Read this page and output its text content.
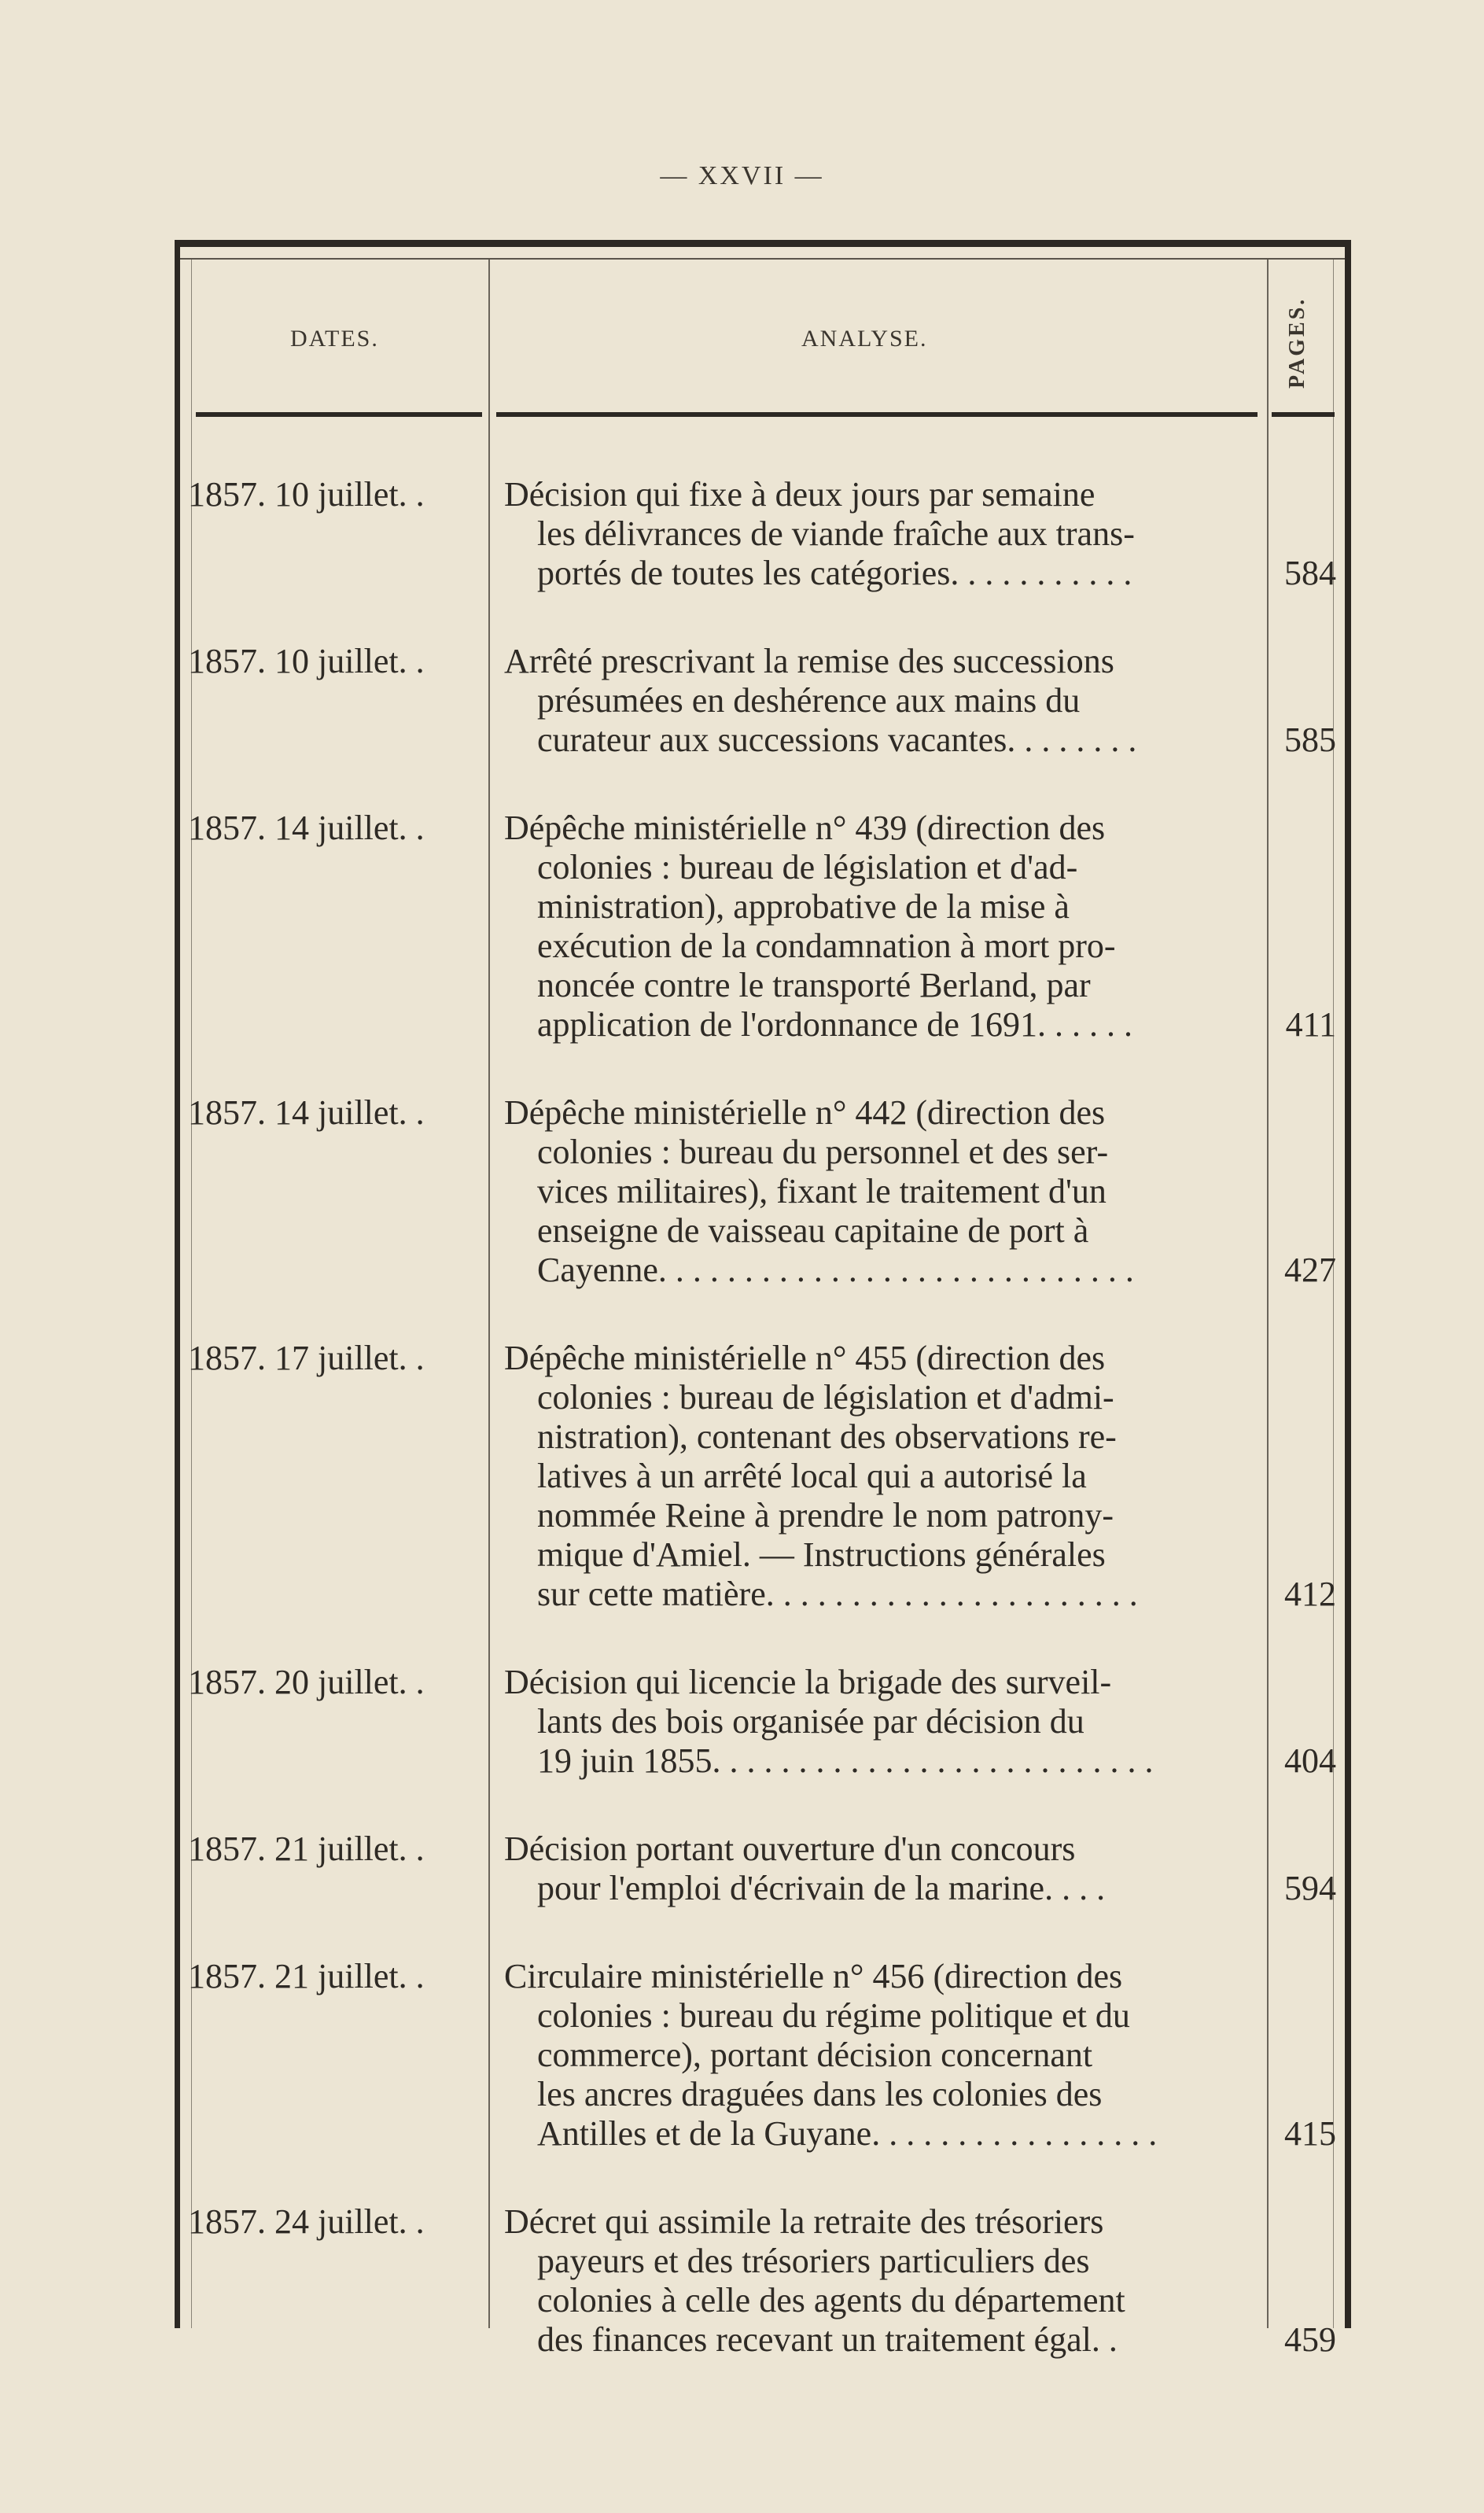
— XXVII —
DATES.	ANALYSE.	PAGES.
1857. 10 juillet. .	Décision qui fixe à deux jours par semaine
les délivrances de viande fraîche aux trans-
portés de toutes les catégories. . . . . . . . . . .	584
1857. 10 juillet. .	Arrêté prescrivant la remise des successions
présumées en deshérence aux mains du
curateur aux successions vacantes. . . . . . . .	585
1857. 14 juillet. .	Dépêche ministérielle n° 439 (direction des
colonies : bureau de législation et d'ad-
ministration), approbative de la mise à
exécution de la condamnation à mort pro-
noncée contre le transporté Berland, par
application de l'ordonnance de 1691. . . . . .	411
1857. 14 juillet. .	Dépêche ministérielle n° 442 (direction des
colonies : bureau du personnel et des ser-
vices militaires), fixant le traitement d'un
enseigne de vaisseau capitaine de port à
Cayenne. . . . . . . . . . . . . . . . . . . . . . . . . . . .	427
1857. 17 juillet. .	Dépêche ministérielle n° 455 (direction des
colonies : bureau de législation et d'admi-
nistration), contenant des observations re-
latives à un arrêté local qui a autorisé la
nommée Reine à prendre le nom patrony-
mique d'Amiel. — Instructions générales
sur cette matière. . . . . . . . . . . . . . . . . . . . . .	412
1857. 20 juillet. .	Décision qui licencie la brigade des surveil-
lants des bois organisée par décision du
19 juin 1855. . . . . . . . . . . . . . . . . . . . . . . . . .	404
1857. 21 juillet. .	Décision portant ouverture d'un concours
pour l'emploi d'écrivain de la marine. . . .	594
1857. 21 juillet. .	Circulaire ministérielle n° 456 (direction des
colonies : bureau du régime politique et du
commerce), portant décision concernant
les ancres draguées dans les colonies des
Antilles et de la Guyane. . . . . . . . . . . . . . . . .	415
1857. 24 juillet. .	Décret qui assimile la retraite des trésoriers
payeurs et des trésoriers particuliers des
colonies à celle des agents du département
des finances recevant un traitement égal. .	459
